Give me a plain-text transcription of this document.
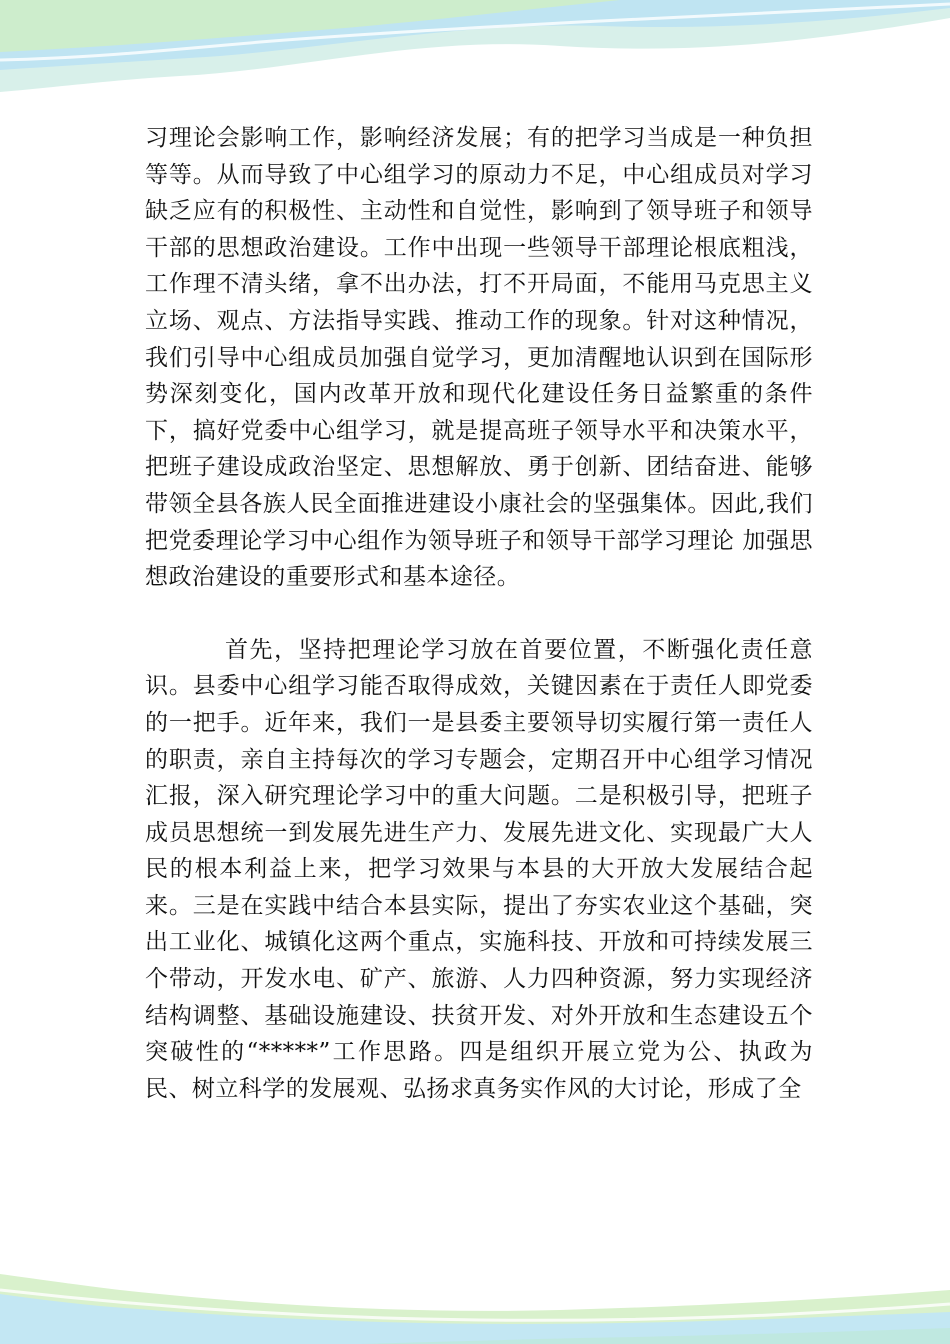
习理论会影响工作，影响经济发展；有的把学习当成是一种负担等等。从而导致了中心组学习的原动力不足，中心组成员对学习缺乏应有的积极性、主动性和自觉性，影响到了领导班子和领导干部的思想政治建设。工作中出现一些领导干部理论根底粗浅，工作理不清头绪，拿不出办法，打不开局面，不能用马克思主义立场、观点、方法指导实践、推动工作的现象。针对这种情况，我们引导中心组成员加强自觉学习，更加清醒地认识到在国际形势深刻变化，国内改革开放和现代化建设任务日益繁重的条件下，搞好党委中心组学习，就是提高班子领导水平和决策水平，把班子建设成政治坚定、思想解放、勇于创新、团结奋进、能够带领全县各族人民全面推进建设小康社会的坚强集体。因此,我们把党委理论学习中心组作为领导班子和领导干部学习理论 加强思想政治建设的重要形式和基本途径。

首先，坚持把理论学习放在首要位置，不断强化责任意识。县委中心组学习能否取得成效，关键因素在于责任人即党委的一把手。近年来，我们一是县委主要领导切实履行第一责任人的职责，亲自主持每次的学习专题会，定期召开中心组学习情况汇报，深入研究理论学习中的重大问题。二是积极引导，把班子成员思想统一到发展先进生产力、发展先进文化、实现最广大人民的根本利益上来，把学习效果与本县的大开放大发展结合起来。三是在实践中结合本县实际，提出了夯实农业这个基础，突出工业化、城镇化这两个重点，实施科技、开放和可持续发展三个带动，开发水电、矿产、旅游、人力四种资源，努力实现经济结构调整、基础设施建设、扶贫开发、对外开放和生态建设五个突破性的“*****”工作思路。四是组织开展立党为公、执政为民、树立科学的发展观、弘扬求真务实作风的大讨论，形成了全
